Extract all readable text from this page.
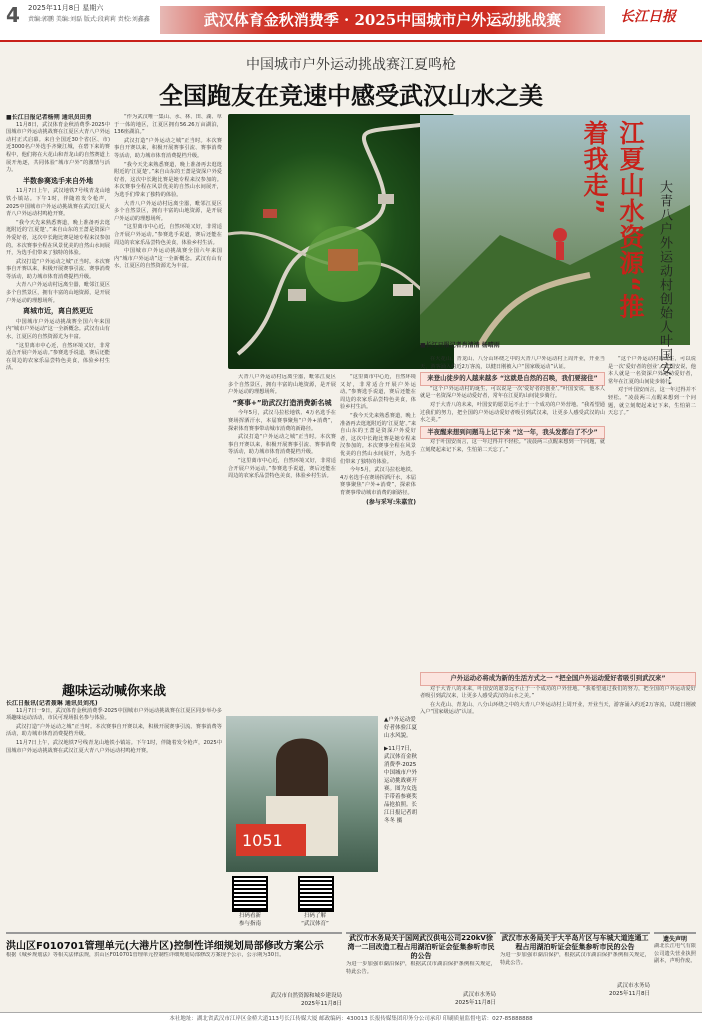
4 2025年11月8日 星期六
责编:郭鹏 美编:刘磊 版式:段莉莉 责校:刘鑫鑫	武汉体育金秋消费季 · 2025中国城市户外运动挑战赛	长江日报
中国城市户外运动挑战赛江夏鸣枪
全国跑友在竞速中感受武汉山水之美
■长江日报记者杨朔 通讯员田勇

11月8日，武汉体育金秋消费季·2025中国城市户外运动挑战赛在江夏区大青八户外运动村正式启幕。来自全国近30个省(区、市)近3000名户外选手齐聚江城，在碧下来的赛程中，他们将在大花山和青龙山的自然赛道上展开角逐，共同体验“城市户外”的激情与活力。

半数参赛选手来自外地

11月7日上午，武汉地铁7号线青龙山地铁小镇站。下午1时，伴随着发令枪声，2025中国城市户外运动挑战赛在武汉江夏大青八户外运动村鸣枪开赛。

“我今天先来熟悉赛道，晚上准备再去逛逛附近的‘江夏楚’。”来自山东的王蔷是资深户外爱好者，这次中长跑比赛是她专程来汉参加的。本次赛事全程在风景优美的自然山水间展开，为选手们带来了独特的体验。

武汉打造“户外运动之城”正当时。本次赛事自开赛以来，积极开展赛事引流、赛事消费等活动，助力城市体育消费提档升级。

大青八户外运动村远离尘嚣，毗邻江夏区多个自然景区，拥有丰富的山地资源，是开展户外运动的理想场所。

离城市近，离自然更近

中国城市户外运动挑战赛全国六年来国内“城市户外运动”这一全新概念。武汉有山有水，江夏区的自然资源尤为丰富。

“这里离市中心近，自然环境又好，非常适合开展户外运动。”参赛选手说道，赛后还能在周边的农家乐品尝特色美食，体验乡村生活。

“作为武汉唯一集山、水、林、田、湖、草于一体的地区，江夏区拥有56.26万亩湖泊，136座湖泊。”

武汉打造“户外运动之城”正当时。本次赛事自开赛以来，积极开展赛事引流、赛事消费等活动，助力城市体育消费提档升级。

“我今天先来熟悉赛道，晚上准备再去逛逛附近的‘江夏楚’。”来自山东的王蔷是资深户外爱好者，这次中长跑比赛是她专程来汉参加的。本次赛事全程在风景优美的自然山水间展开，为选手们带来了独特的体验。

大青八户外运动村远离尘嚣，毗邻江夏区多个自然景区，拥有丰富的山地资源，是开展户外运动的理想场所。

“这里离市中心近，自然环境又好，非常适合开展户外运动。”参赛选手说道，赛后还能在周边的农家乐品尝特色美食，体验乡村生活。

中国城市户外运动挑战赛全国六年来国内“城市户外运动”这一全新概念。武汉有山有水，江夏区的自然资源尤为丰富。

大青八户外运动村远离尘嚣，毗邻江夏区多个自然景区，拥有丰富的山地资源，是开展户外运动的理想场所。

“赛事+”助武汉打造消费新名城

今年5月，武汉马拉松地铁、4万名选手在赛场挥洒汗水，本届赛事聚焦“户外+消费”，探索体育赛事带动城市消费的新路径。

武汉打造“户外运动之城”正当时。本次赛事自开赛以来，积极开展赛事引流、赛事消费等活动，助力城市体育消费提档升级。

“这里离市中心近，自然环境又好，非常适合开展户外运动。”参赛选手说道，赛后还能在周边的农家乐品尝特色美食，体验乡村生活。

“这里离市中心近，自然环境又好，非常适合开展户外运动。”参赛选手说道，赛后还能在周边的农家乐品尝特色美食，体验乡村生活。

“我今天先来熟悉赛道，晚上准备再去逛逛附近的‘江夏楚’。”来自山东的王蔷是资深户外爱好者，这次中长跑比赛是她专程来汉参加的。本次赛事全程在风景优美的自然山水间展开，为选手们带来了独特的体验。

今年5月，武汉马拉松地铁、4万名选手在赛场挥洒汗水，本届赛事聚焦“户外+消费”，探索体育赛事带动城市消费的新路径。

(参与采写:朱嘉宜)
■长江日报记者肖清清 杨晴雨

在大花山、青龙山、八分山环绕之中的大青八户外运动村上周开业，开业当天，游客涌入约近2万客流，以健日刚被入户“国家级运动”认证。

来登山徒步的人越来越多 “这就是自然的召唤，我们要接住”

“这个户外运动村的诞生，可以说是一次‘爱好者的创业’。”叶国安说，他本人就是一名资深户外运动爱好者，常年在江夏的山间徒步骑行。

对于大青八的未来，叶国安的愿景远不止于一个成功的户外营地。“我希望通过我们的努力，把全国的户外运动爱好者吸引到武汉来，让更多人感受武汉的山水之美。”

半夜醒来想到问题马上记下来 “这一年，我头发都白了不少”

对于叶国安而言，这一年过得并不轻松。“凌晨两三点醒来想到一个问题，就立刻爬起来记下来，生怕第二天忘了。”

江夏山水资源“推着我走”
大青八户外运动村创始人叶国安：

“这个户外运动村的诞生，可以说是一次‘爱好者的创业’。”叶国安说，他本人就是一名资深户外运动爱好者，常年在江夏的山间徒步骑行。

对于叶国安而言，这一年过得并不轻松。“凌晨两三点醒来想到一个问题，就立刻爬起来记下来，生怕第二天忘了。”

户外运动必将成为新的生活方式之一 “把全国户外运动爱好者吸引到武汉来”

对于大青八的未来，叶国安的愿景远不止于一个成功的户外营地。“我希望通过我们的努力，把全国的户外运动爱好者吸引到武汉来，让更多人感受武汉的山水之美。”

在大花山、青龙山、八分山环绕之中的大青八户外运动村上周开业，开业当天，游客涌入约近2万客流，以健日刚被入户“国家级运动”认证。

趣味运动喊你来战
长江日报讯(记者聂琳 通讯员刘兆)

11月7日一9日，武汉体育金秋消费季·2025中国城市户外运动挑战赛在江夏区同步举办多项趣味运动活动，市民可现场报名参与体验。

武汉打造“户外运动之城”正当时。本次赛事自开赛以来，积极开展赛事引流、赛事消费等活动，助力城市体育消费提档升级。

11月7日上午，武汉地铁7号线青龙山地铁小镇站。下午1时，伴随着发令枪声，2025中国城市户外运动挑战赛在武汉江夏大青八户外运动村鸣枪开赛。

1051
▲户外运动爱好者体验江夏山水风貌。
▶11月7日，武汉体育金秋消费季·2025中国城市户外运动挑战赛开赛。图为女选手带着参赛奖品抢拍照。长江日报记者胡冬冬 摄
扫码看新
参与指南
扫码了解
“武汉体育”
洪山区F010701管理单元(大港片区)控制性详细规划局部修改方案公示
根据《城乡规划法》等相关法律法规，洪山区F010701管理单元控制性详细规划局部修改方案现予公示，公示期为30日。
武汉市自然资源和城乡建设局
2025年11月8日
武汉市水务局关于国网武汉供电公司220kV徐湾一二回改造工程占用湖泊听证会征集参听市民的公告
为进一步加强市湖泊保护，根据武汉市湖泊保护条例相关规定，特此公告。
武汉市水务局
2025年11月8日
武汉市水务局关于大半岛片区与车城大道连通工程占用湖泊听证会征集参听市民的公告
为进一步加强市湖泊保护，根据武汉市湖泊保护条例相关规定，特此公告。
武汉市水务局
2025年11月8日
遗失声明
湖北长江电气有限公司遗失营业执照副本，声明作废。
本社地址：湖北省武汉市江岸区金桥大道113号长江传媒大厦 邮政编码：430013 长报传媒集团印务分公司承印 印刷质量监督电话：027-85888888
